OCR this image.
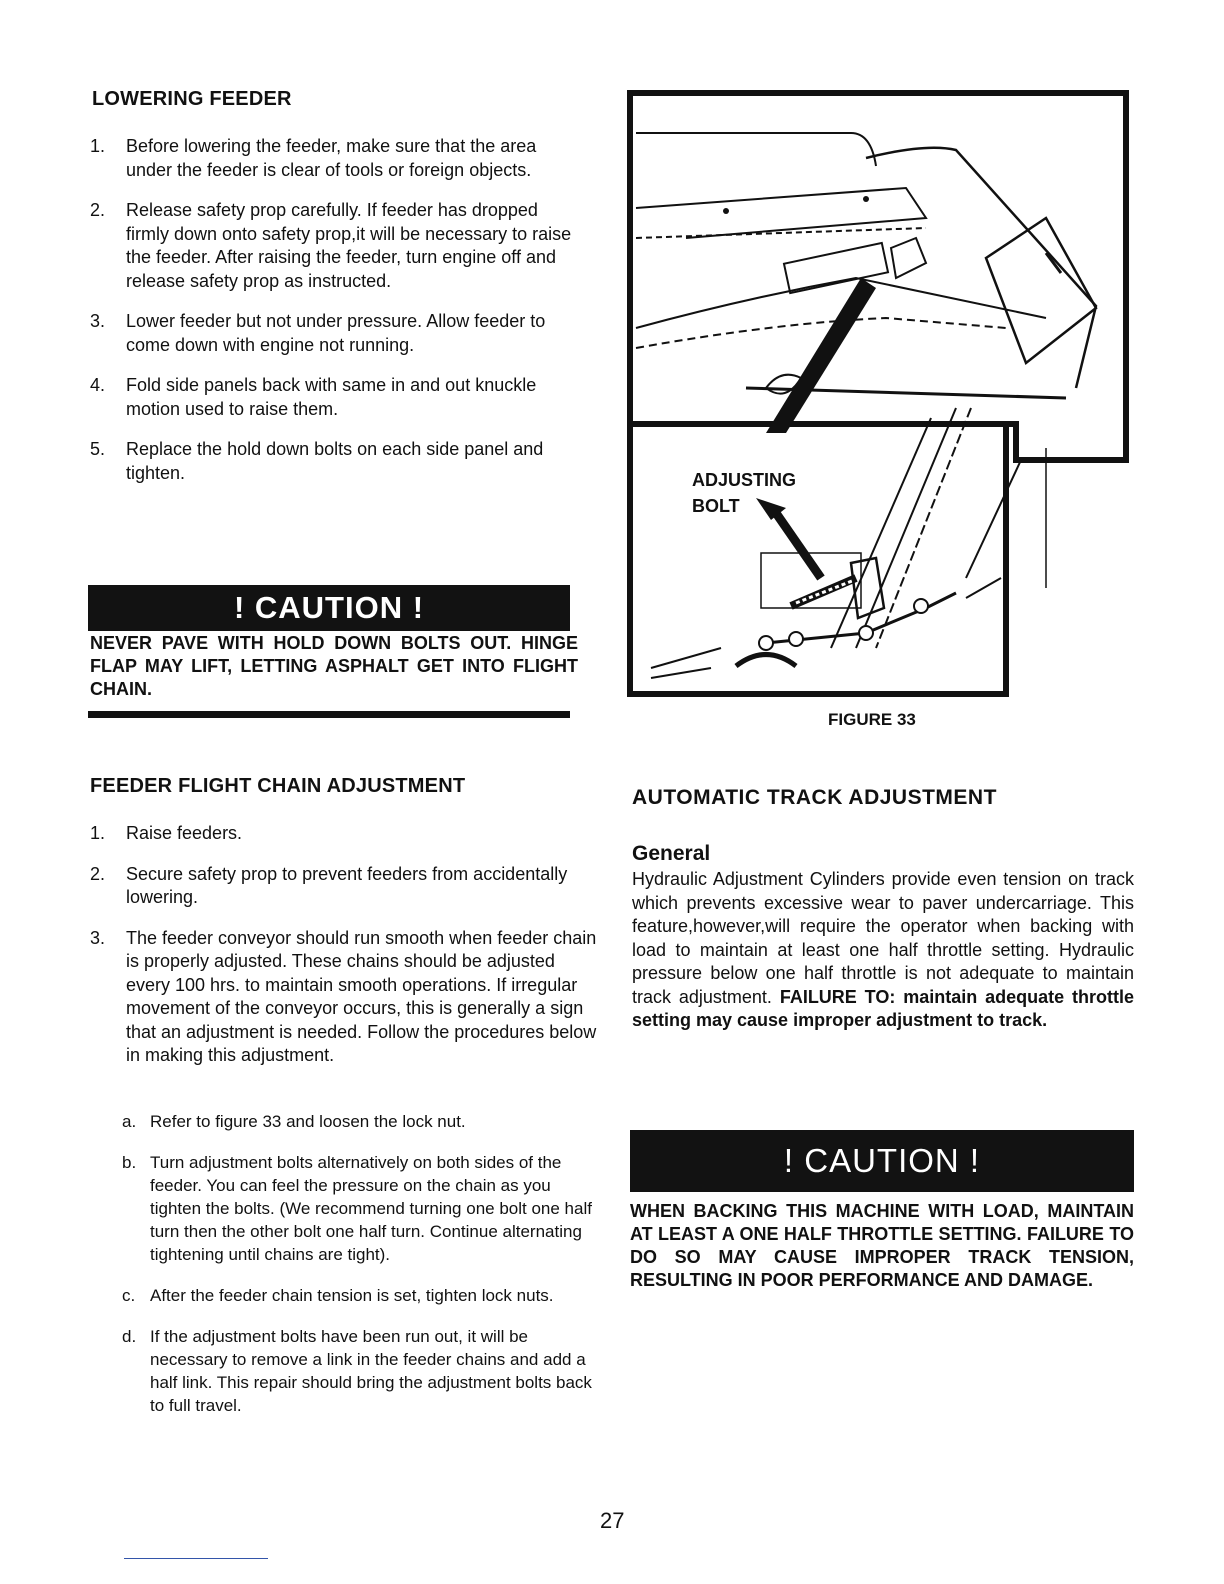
LOWERING FEEDER
1. Before lowering the feeder, make sure that the area under the feeder is clear of tools or foreign objects.
2. Release safety prop carefully. If feeder has dropped firmly down onto safety prop,it will be necessary to raise the feeder. After raising the feeder, turn engine off and release safety prop as instructed.
3. Lower feeder but not under pressure. Allow feeder to come down with engine not running.
4. Fold side panels back with same in and out knuckle motion used to raise them.
5. Replace the hold down bolts on each side panel and tighten.
! CAUTION !
NEVER PAVE WITH HOLD DOWN BOLTS OUT. HINGE FLAP MAY LIFT, LETTING ASPHALT GET INTO FLIGHT CHAIN.
FEEDER FLIGHT CHAIN ADJUSTMENT
1. Raise feeders.
2. Secure safety prop to prevent feeders from accidentally lowering.
3. The feeder conveyor should run smooth when feeder chain is properly adjusted. These chains should be adjusted every 100 hrs. to maintain smooth operations. If irregular movement of the conveyor occurs, this is generally a sign that an adjustment is needed. Follow the procedures below in making this adjustment.
a. Refer to figure 33 and loosen the lock nut.
b. Turn adjustment bolts alternatively on both sides of the feeder. You can feel the pressure on the chain as you tighten the bolts. (We recommend turning one bolt one half turn then the other bolt one half turn. Continue alternating tightening until chains are tight).
c. After the feeder chain tension is set, tighten lock nuts.
d. If the adjustment bolts have been run out, it will be necessary to remove a link in the feeder chains and add a half link. This repair should bring the adjustment bolts back to full travel.
ADJUSTING
BOLT
FIGURE 33
AUTOMATIC TRACK ADJUSTMENT
General
Hydraulic Adjustment Cylinders provide even tension on track which prevents excessive wear to paver undercarriage. This feature,however,will require the operator when backing with load to maintain at least one half throttle setting. Hydraulic pressure below one half throttle is not adequate to maintain track adjustment. FAILURE TO: maintain adequate throttle setting may cause improper adjustment to track.
! CAUTION !
WHEN BACKING THIS MACHINE WITH LOAD, MAINTAIN AT LEAST A ONE HALF THROTTLE SETTING. FAILURE TO DO SO MAY CAUSE IMPROPER TRACK TENSION, RESULTING IN POOR PERFORMANCE AND DAMAGE.
27
